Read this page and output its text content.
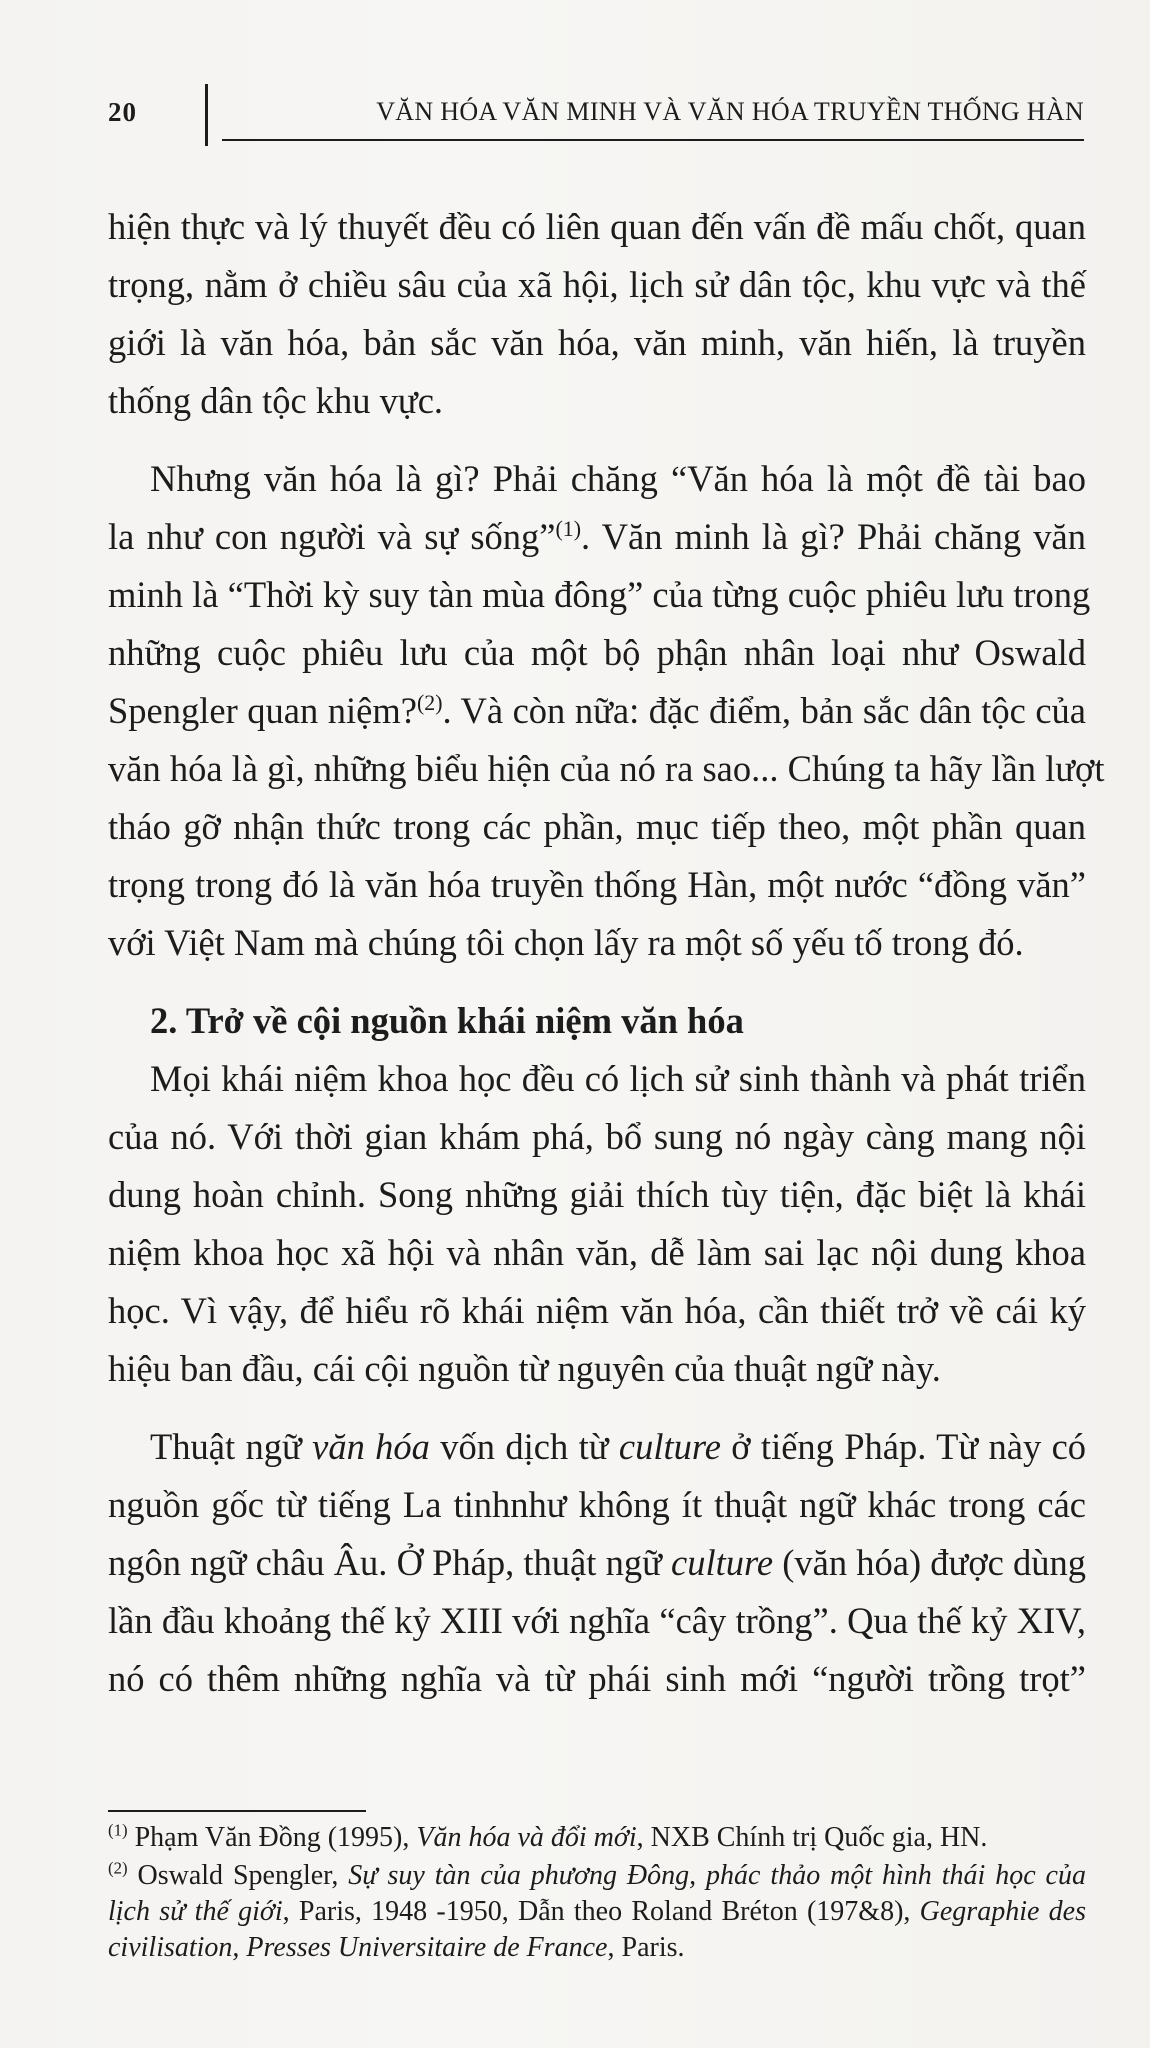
20	VĂN HÓA VĂN MINH VÀ VĂN HÓA TRUYỀN THỐNG HÀN
hiện thực và lý thuyết đều có liên quan đến vấn đề mấu chốt, quan
trọng, nằm ở chiều sâu của xã hội, lịch sử dân tộc, khu vực và thế
giới là văn hóa, bản sắc văn hóa, văn minh, văn hiến, là truyền
thống dân tộc khu vực.
Nhưng văn hóa là gì? Phải chăng “Văn hóa là một đề tài bao
la như con người và sự sống”$^{(1)}$. Văn minh là gì? Phải chăng văn
minh là “Thời kỳ suy tàn mùa đông” của từng cuộc phiêu lưu trong
những cuộc phiêu lưu của một bộ phận nhân loại như Oswald
Spengler quan niệm?$^{(2)}$. Và còn nữa: đặc điểm, bản sắc dân tộc của
văn hóa là gì, những biểu hiện của nó ra sao... Chúng ta hãy lần lượt
tháo gỡ nhận thức trong các phần, mục tiếp theo, một phần quan
trọng trong đó là văn hóa truyền thống Hàn, một nước “đồng văn”
với Việt Nam mà chúng tôi chọn lấy ra một số yếu tố trong đó.
2. Trở về cội nguồn khái niệm văn hóa
Mọi khái niệm khoa học đều có lịch sử sinh thành và phát triển
của nó. Với thời gian khám phá, bổ sung nó ngày càng mang nội
dung hoàn chỉnh. Song những giải thích tùy tiện, đặc biệt là khái
niệm khoa học xã hội và nhân văn, dễ làm sai lạc nội dung khoa
học. Vì vậy, để hiểu rõ khái niệm văn hóa, cần thiết trở về cái ký
hiệu ban đầu, cái cội nguồn từ nguyên của thuật ngữ này.
Thuật ngữ văn hóa vốn dịch từ culture ở tiếng Pháp. Từ này có
nguồn gốc từ tiếng La tinhnhư không ít thuật ngữ khác trong các
ngôn ngữ châu Âu. Ở Pháp, thuật ngữ culture (văn hóa) được dùng
lần đầu khoảng thế kỷ XIII với nghĩa “cây trồng”. Qua thế kỷ XIV,
nó có thêm những nghĩa và từ phái sinh mới “người trồng trọt”
$^{(1)}$ Phạm Văn Đồng (1995), Văn hóa và đổi mới, NXB Chính trị Quốc gia, HN.
$^{(2)}$ Oswald Spengler, Sự suy tàn của phương Đông, phác thảo một hình thái học của
lịch sử thế giới, Paris, 1948 -1950, Dẫn theo Roland Bréton (197&8), Gegraphie des
civilisation, Presses Universitaire de France, Paris.
